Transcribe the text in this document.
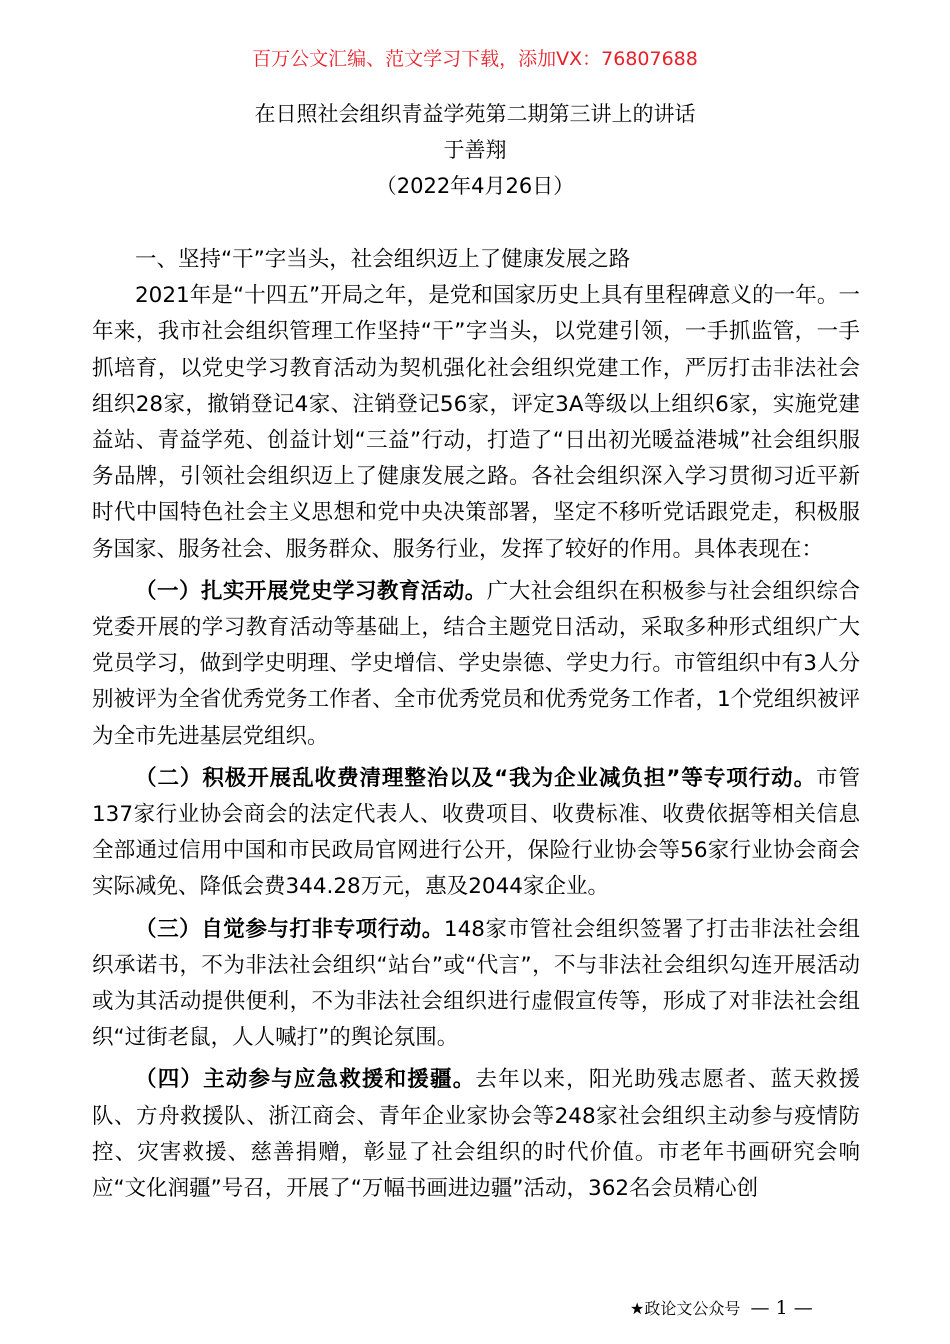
百万公文汇编、范文学习下载，添加VX：76807688
在日照社会组织青益学苑第二期第三讲上的讲话
于善翔
（2022年4月26日）

一、坚持“干”字当头，社会组织迈上了健康发展之路

2021年是“十四五”开局之年，是党和国家历史上具有里程碑意义的一年。一年来，我市社会组织管理工作坚持“干”字当头，以党建引领，一手抓监管，一手抓培育，以党史学习教育活动为契机强化社会组织党建工作，严厉打击非法社会组织28家，撤销登记4家、注销登记56家，评定3A等级以上组织6家，实施党建益站、青益学苑、创益计划“三益”行动，打造了“日出初光暖益港城”社会组织服务品牌，引领社会组织迈上了健康发展之路。各社会组织深入学习贯彻习近平新时代中国特色社会主义思想和党中央决策部署，坚定不移听党话跟党走，积极服务国家、服务社会、服务群众、服务行业，发挥了较好的作用。具体表现在：

（一）扎实开展党史学习教育活动。广大社会组织在积极参与社会组织综合党委开展的学习教育活动等基础上，结合主题党日活动，采取多种形式组织广大党员学习，做到学史明理、学史增信、学史崇德、学史力行。市管组织中有3人分别被评为全省优秀党务工作者、全市优秀党员和优秀党务工作者，1个党组织被评为全市先进基层党组织。

（二）积极开展乱收费清理整治以及“我为企业减负担”等专项行动。市管137家行业协会商会的法定代表人、收费项目、收费标准、收费依据等相关信息全部通过信用中国和市民政局官网进行公开，保险行业协会等56家行业协会商会实际减免、降低会费344.28万元，惠及2044家企业。

（三）自觉参与打非专项行动。148家市管社会组织签署了打击非法社会组织承诺书，不为非法社会组织“站台”或“代言”，不与非法社会组织勾连开展活动或为其活动提供便利，不为非法社会组织进行虚假宣传等，形成了对非法社会组织“过街老鼠，人人喊打”的舆论氛围。

（四）主动参与应急救援和援疆。去年以来，阳光助残志愿者、蓝天救援队、方舟救援队、浙江商会、青年企业家协会等248家社会组织主动参与疫情防控、灾害救援、慈善捐赠，彰显了社会组织的时代价值。市老年书画研究会响应“文化润疆”号召，开展了“万幅书画进边疆”活动，362名会员精心创

★政论文公众号 — 1 —
